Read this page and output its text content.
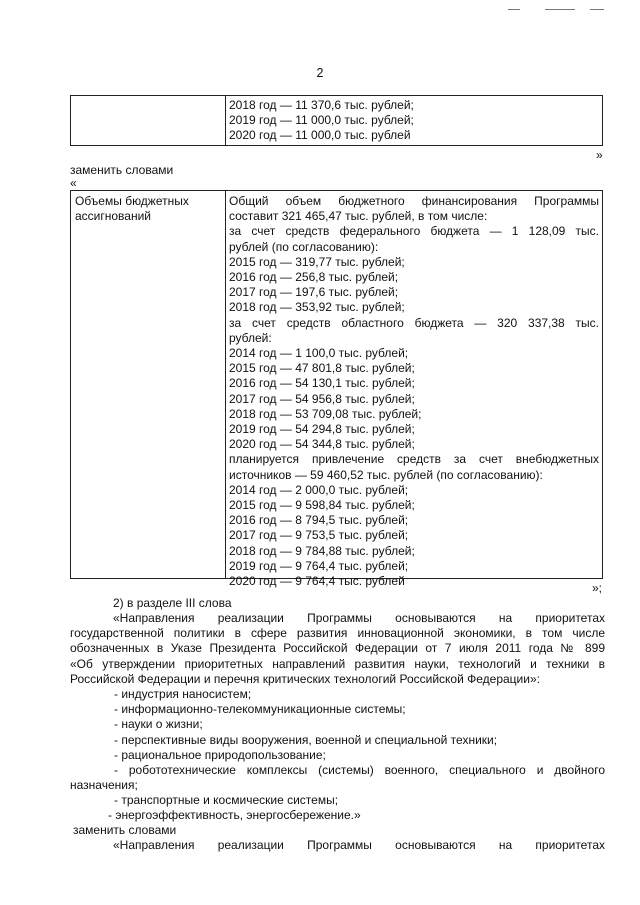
2
2018 год — 11 370,6 тыс. рублей;
2019 год — 11 000,0 тыс. рублей;
2020 год — 11 000,0 тыс. рублей
»
заменить словами
«
Объемы бюджетных ассигнований
Общий объем бюджетного финансирования Программы
составит 321 465,47 тыс. рублей, в том числе:
за счет средств федерального бюджета — 1 128,09 тыс.
рублей (по согласованию):
2015 год — 319,77 тыс. рублей;
2016 год — 256,8 тыс. рублей;
2017 год — 197,6 тыс. рублей;
2018 год — 353,92 тыс. рублей;
за счет средств областного бюджета — 320 337,38 тыс.
рублей:
2014 год — 1 100,0 тыс. рублей;
2015 год — 47 801,8 тыс. рублей;
2016 год — 54 130,1 тыс. рублей;
2017 год — 54 956,8 тыс. рублей;
2018 год — 53 709,08 тыс. рублей;
2019 год — 54 294,8 тыс. рублей;
2020 год — 54 344,8 тыс. рублей;
планируется привлечение средств за счет внебюджетных
источников — 59 460,52 тыс. рублей (по согласованию):
2014 год — 2 000,0 тыс. рублей;
2015 год — 9 598,84 тыс. рублей;
2016 год — 8 794,5 тыс. рублей;
2017 год — 9 753,5 тыс. рублей;
2018 год — 9 784,88 тыс. рублей;
2019 год — 9 764,4 тыс. рублей;
2020 год — 9 764,4 тыс. рублей	»;
2) в разделе III слова
«Направления реализации Программы основываются на приоритетах
государственной политики в сфере развития инновационной экономики, в том числе
обозначенных в Указе Президента Российской Федерации от 7 июля 2011 года № 899
«Об утверждении приоритетных направлений развития науки, технологий и техники в
Российской Федерации и перечня критических технологий Российской Федерации»:
- индустрия наносистем;
- информационно-телекоммуникационные системы;
- науки о жизни;
- перспективные виды вооружения, военной и специальной техники;
- рациональное природопользование;
- робототехнические комплексы (системы) военного, специального и двойного
назначения;
- транспортные и космические системы;
- энергоэффективность, энергосбережение.»
заменить словами
«Направления реализации Программы основываются на приоритетах
